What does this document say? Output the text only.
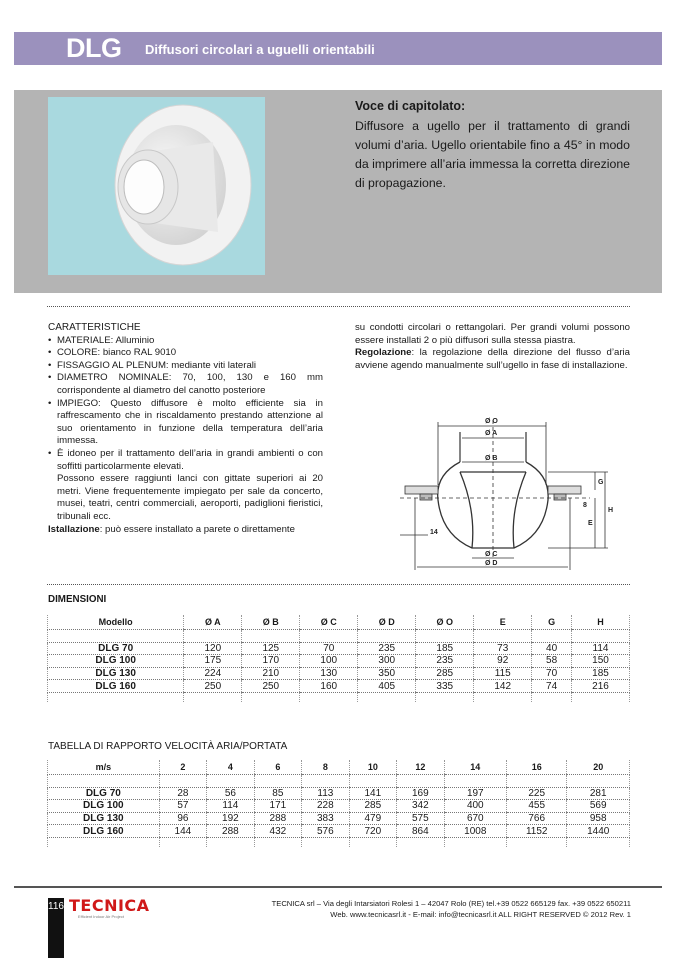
DLG Diffusori circolari a uguelli orientabili
Voce di capitolato:

Diffusore a ugello per il trattamento di grandi volumi d’aria. Ugello orientabile fino a 45° in modo da imprimere all’aria immessa la corretta direzione di propagazione.

CARATTERISTICHE
• MATERIALE: Alluminio
• COLORE: bianco RAL 9010
• FISSAGGIO AL PLENUM: mediante viti laterali
• DIAMETRO NOMINALE: 70, 100, 130 e 160 mm corrispondente al diametro del canotto posteriore
• IMPIEGO: Questo diffusore è molto efficiente sia in raffrescamento che in riscaldamento prestando attenzione al suo orientamento in funzione della temperatura dell’aria immessa.
• È idoneo per il trattamento dell’aria in grandi ambienti o con soffitti particolarmente elevati.

Possono essere raggiunti lanci con gittate superiori ai 20 metri. Viene frequentemente impiegato per sale da concerto, musei, teatri, centri commerciali, aeroporti, padiglioni fieristici, tribunali ecc.

Istallazione: può essere installato a parete o direttamente

su condotti circolari o rettangolari. Per grandi volumi possono essere installati 2 o più diffusori sulla stessa piastra.

Regolazione: la regolazione della direzione del flusso d’aria avviene agendo manualmente sull’ugello in fase di installazione.

Ø O
Ø A
Ø B
Ø C
Ø D
G
H
E
8
14
DIMENSIONI
Modello	Ø A	Ø B	Ø C	Ø D	Ø O	E	G	H

DLG 70	120	125	70	235	185	73	40	114
DLG 100	175	170	100	300	235	92	58	150
DLG 130	224	210	130	350	285	115	70	185
DLG 160	250	250	160	405	335	142	74	216

TABELLA DI RAPPORTO VELOCITÀ ARIA/PORTATA
m/s	2	4	6	8	10	12	14	16	20

DLG 70	28	56	85	113	141	169	197	225	281
DLG 100	57	114	171	228	285	342	400	455	569
DLG 130	96	192	288	383	479	575	670	766	958
DLG 160	144	288	432	576	720	864	1008	1152	1440

116 TECNICA
Efficient Indoor Air Project
TECNICA srl – Via degli Intarsiatori Rolesi 1 – 42047 Rolo (RE) tel.+39 0522 665129 fax. +39 0522 650211
Web. www.tecnicasrl.it - E-mail: info@tecnicasrl.it ALL RIGHT RESERVED © 2012 Rev. 1
